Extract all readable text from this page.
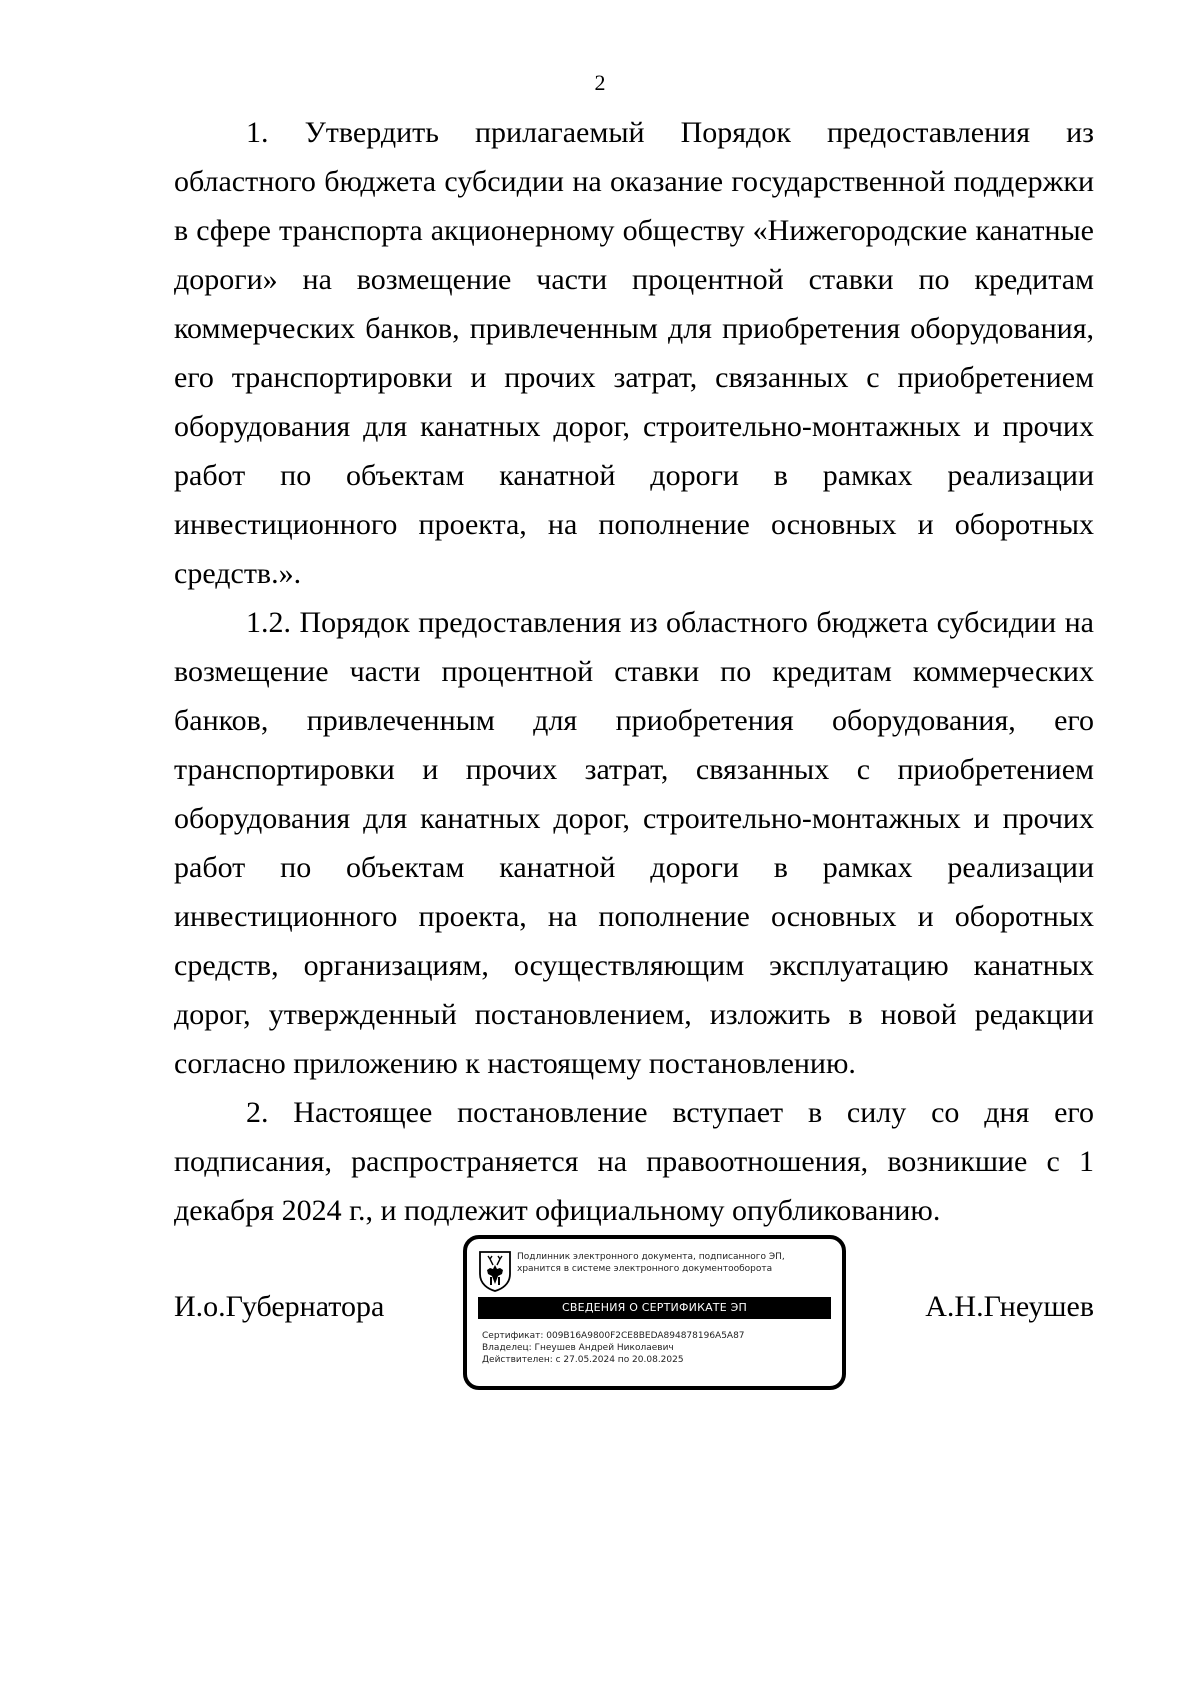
2

1. Утвердить прилагаемый Порядок предоставления из областного бюджета субсидии на оказание государственной поддержки в сфере транспорта акционерному обществу «Нижегородские канатные дороги» на возмещение части процентной ставки по кредитам коммерческих банков, привлеченным для приобретения оборудования, его транспортировки и прочих затрат, связанных с приобретением оборудования для канатных дорог, строительно-монтажных и прочих работ по объектам канатной дороги в рамках реализации инвестиционного проекта, на пополнение основных и оборотных средств.».

1.2. Порядок предоставления из областного бюджета субсидии на возмещение части процентной ставки по кредитам коммерческих банков, привлеченным для приобретения оборудования, его транспортировки и прочих затрат, связанных с приобретением оборудования для канатных дорог, строительно-монтажных и прочих работ по объектам канатной дороги в рамках реализации инвестиционного проекта, на пополнение основных и оборотных средств, организациям, осуществляющим эксплуатацию канатных дорог, утвержденный постановлением, изложить в новой редакции согласно приложению к настоящему постановлению.

2. Настоящее постановление вступает в силу со дня его подписания, распространяется на правоотношения, возникшие с 1 декабря 2024 г., и подлежит официальному опубликованию.

И.о.Губернатора	А.Н.Гнеушев
Подлинник электронного документа, подписанного ЭП,
хранится в системе электронного документооборота
СВЕДЕНИЯ О СЕРТИФИКАТЕ ЭП
Сертификат: 009B16A9800F2CE8BEDA894878196A5A87
Владелец: Гнеушев Андрей Николаевич
Действителен: с 27.05.2024 по 20.08.2025
